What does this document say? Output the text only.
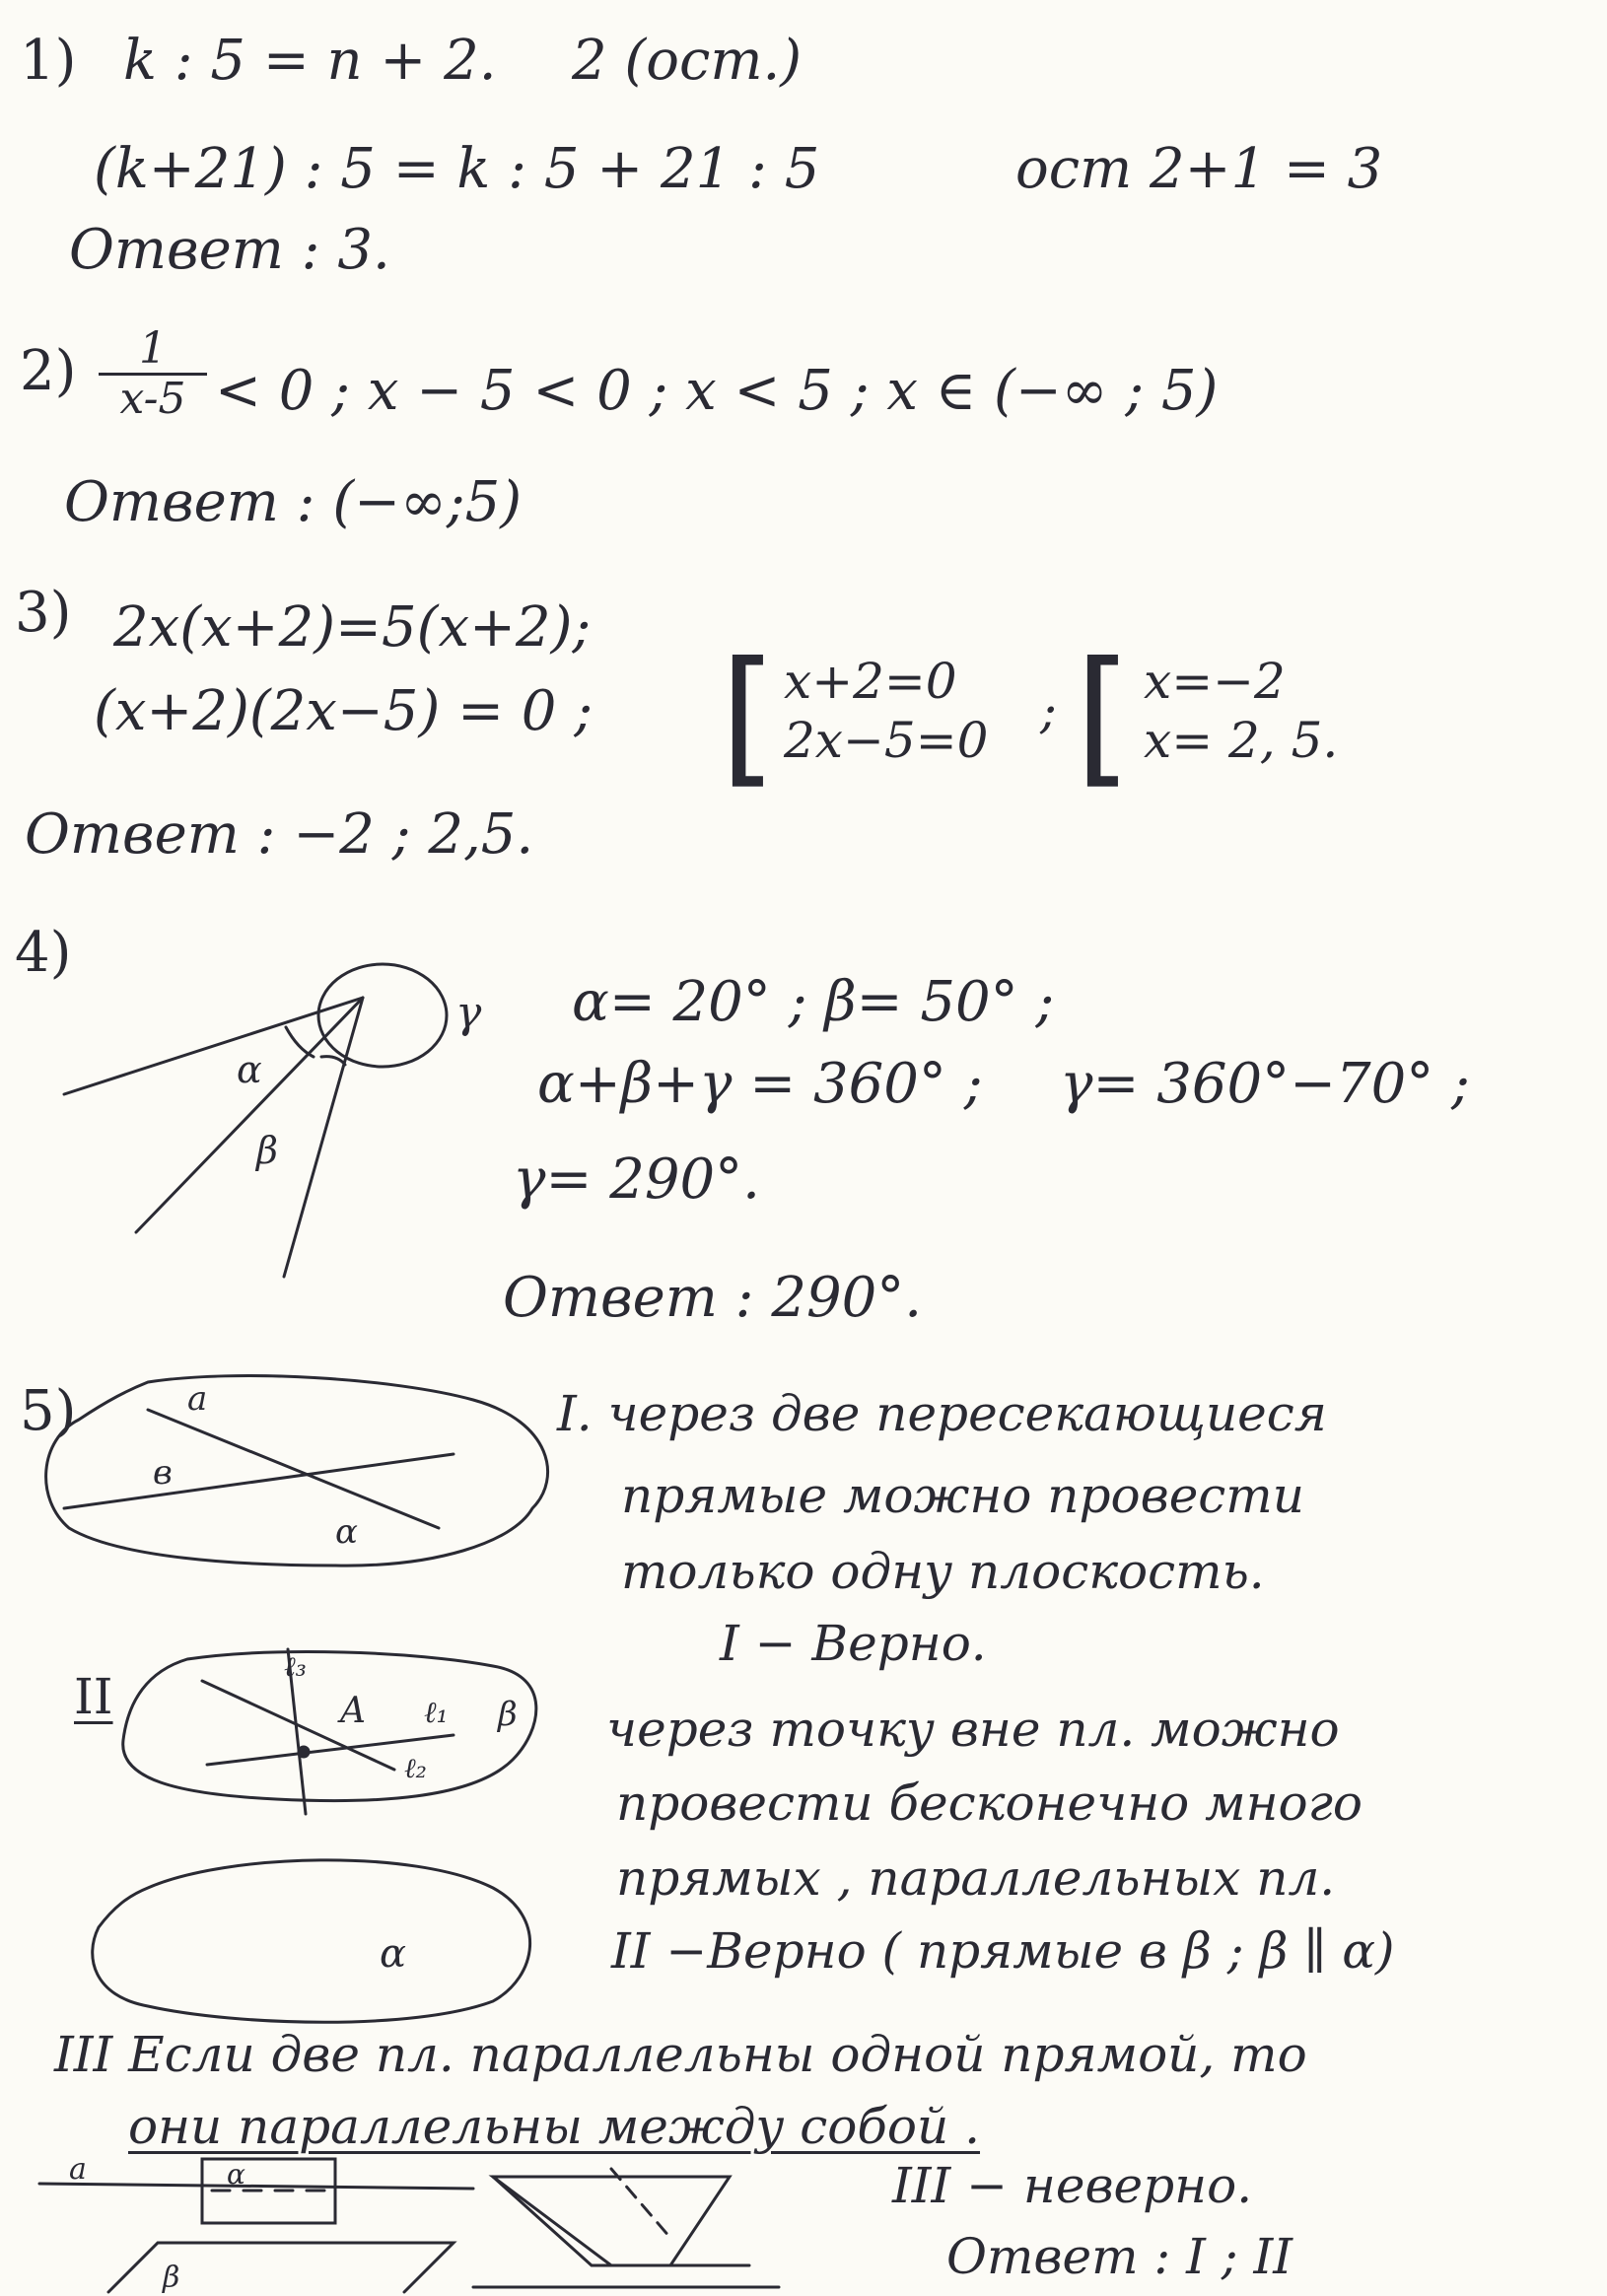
1) k : 5 = n + 2. 2 (ост.)
(k+21) : 5 = k : 5 + 21 : 5	ост 2+1 = 3
Ответ : 3.
$2) \frac{1}{x-5} < 0$ ; x − 5 < 0 ; x < 5 ; x ∈ (−∞ ; 5)
Ответ : (−∞;5)
3) 2x(x+2)=5(x+2);
(x+2)(2x−5) = 0 ; [ x+2=0
2x−5=0
; [ x=−2
x= 2, 5.
Ответ : −2 ; 2,5.
4)
α
β
γ α= 20° ; β= 50° ;
α+β+γ = 360° ; γ= 360°−70° ;
γ= 290°.
Ответ : 290°.
5)	a
в
α
I. через две пересекающиеся
прямые можно провести
только одну плоскость.
I − Верно.
II
ℓ₃
A ℓ₁
ℓ₂
β
α
через точку вне пл. можно
провести бесконечно много
прямых , параллельных пл.
II −Верно ( прямые в β ; β ∥ α)
III Если две пл. параллельны одной прямой, то
они параллельны между собой .
a	α
β
III − неверно.
Ответ : I ; II
